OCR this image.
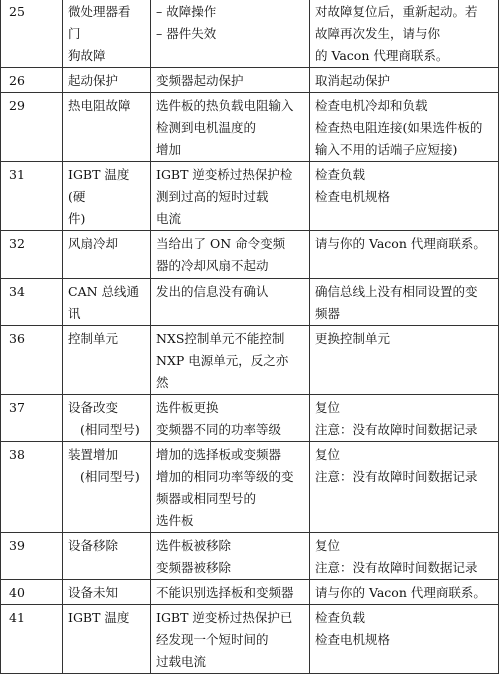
25	微处理器看
门
狗故障	– 故障操作
– 器件失效	对故障复位后，重新起动。若
故障再次发生，请与你
的 Vacon 代理商联系。

26	起动保护	变频器起动保护	取消起动保护

29	热电阻故障	选件板的热负载电阻输入
检测到电机温度的
增加	检查电机冷却和负载
检查热电阻连接(如果选件板的
输入不用的话端子应短接)

31	IGBT 温度
(硬
件)	IGBT 逆变桥过热保护检
测到过高的短时过载
电流	检查负载
检查电机规格

32	风扇冷却	当给出了 ON 命令变频
器的冷却风扇不起动	请与你的 Vacon 代理商联系。

34	CAN 总线通
讯	发出的信息没有确认	确信总线上没有相同设置的变
频器

36	控制单元	NXS控制单元不能控制
NXP 电源单元，反之亦
然	更换控制单元

37	设备改变
(相同型号)	选件板更换
变频器不同的功率等级	复位
注意：没有故障时间数据记录

38	装置增加
(相同型号)	增加的选择板或变频器
增加的相同功率等级的变
频器或相同型号的
选件板	复位
注意：没有故障时间数据记录

39	设备移除	选件板被移除
变频器被移除	复位
注意：没有故障时间数据记录

40	设备未知	不能识别选择板和变频器	请与你的 Vacon 代理商联系。

41	IGBT 温度	IGBT 逆变桥过热保护已
经发现一个短时间的
过载电流	检查负载
检查电机规格
